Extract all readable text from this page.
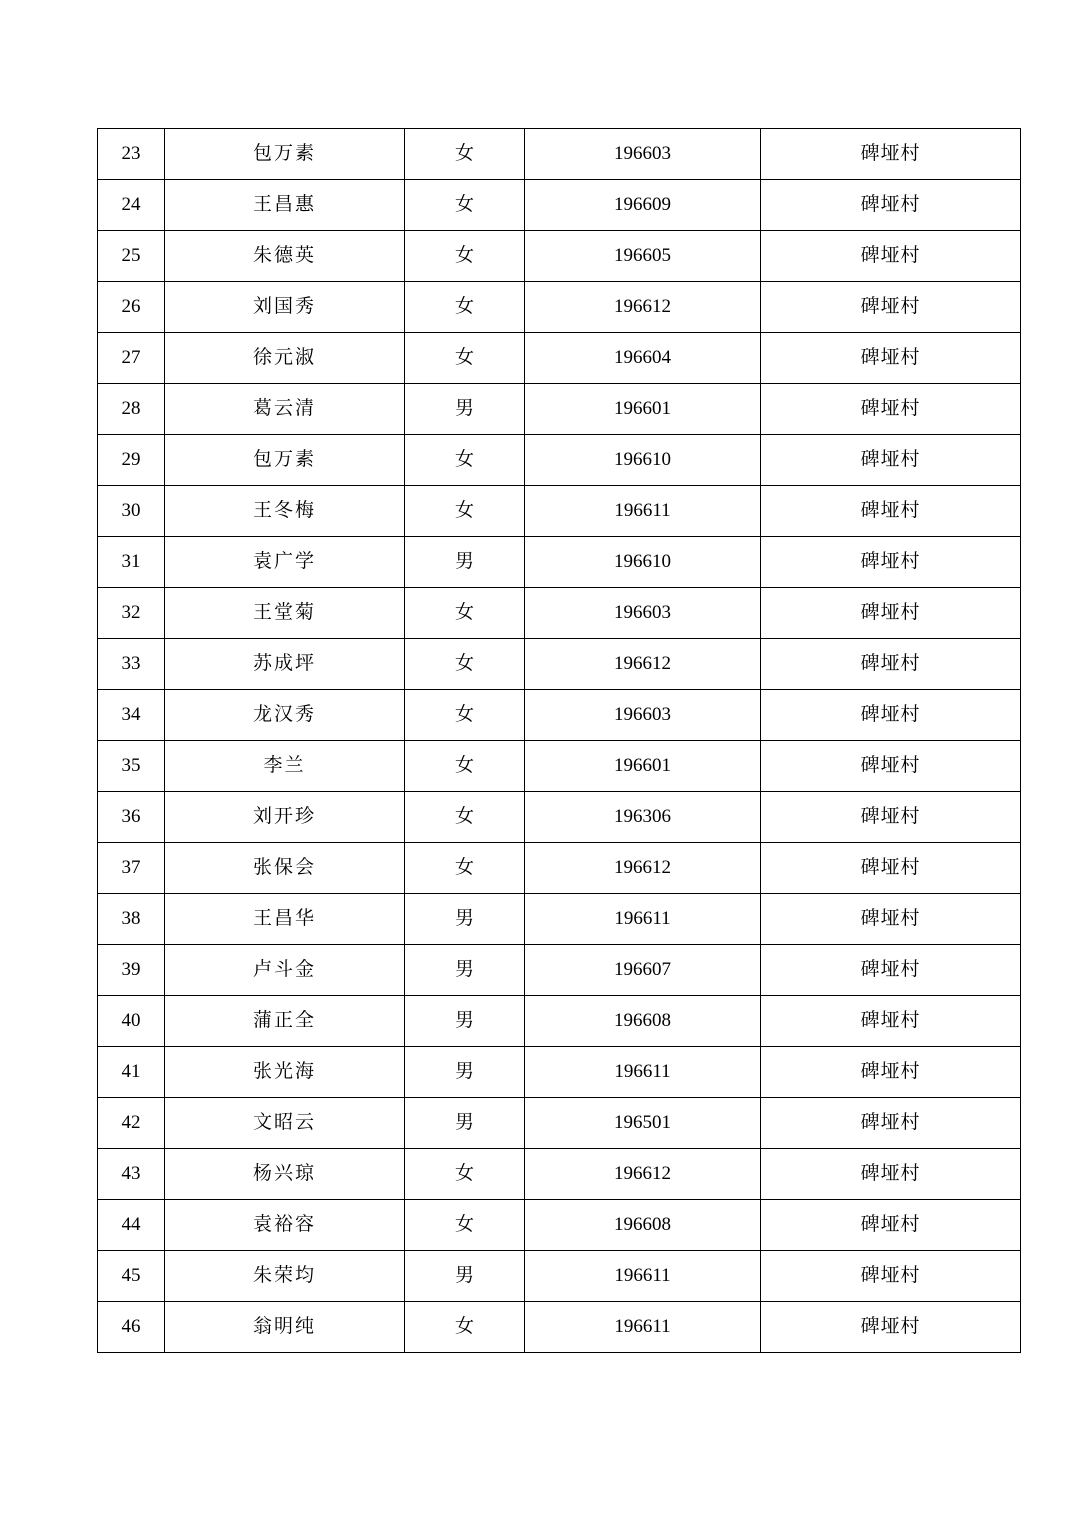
23	包万素	女	196603	碑垭村
24	王昌惠	女	196609	碑垭村
25	朱德英	女	196605	碑垭村
26	刘国秀	女	196612	碑垭村
27	徐元淑	女	196604	碑垭村
28	葛云清	男	196601	碑垭村
29	包万素	女	196610	碑垭村
30	王冬梅	女	196611	碑垭村
31	袁广学	男	196610	碑垭村
32	王堂菊	女	196603	碑垭村
33	苏成坪	女	196612	碑垭村
34	龙汉秀	女	196603	碑垭村
35	李兰	女	196601	碑垭村
36	刘开珍	女	196306	碑垭村
37	张保会	女	196612	碑垭村
38	王昌华	男	196611	碑垭村
39	卢斗金	男	196607	碑垭村
40	蒲正全	男	196608	碑垭村
41	张光海	男	196611	碑垭村
42	文昭云	男	196501	碑垭村
43	杨兴琼	女	196612	碑垭村
44	袁裕容	女	196608	碑垭村
45	朱荣均	男	196611	碑垭村
46	翁明纯	女	196611	碑垭村
